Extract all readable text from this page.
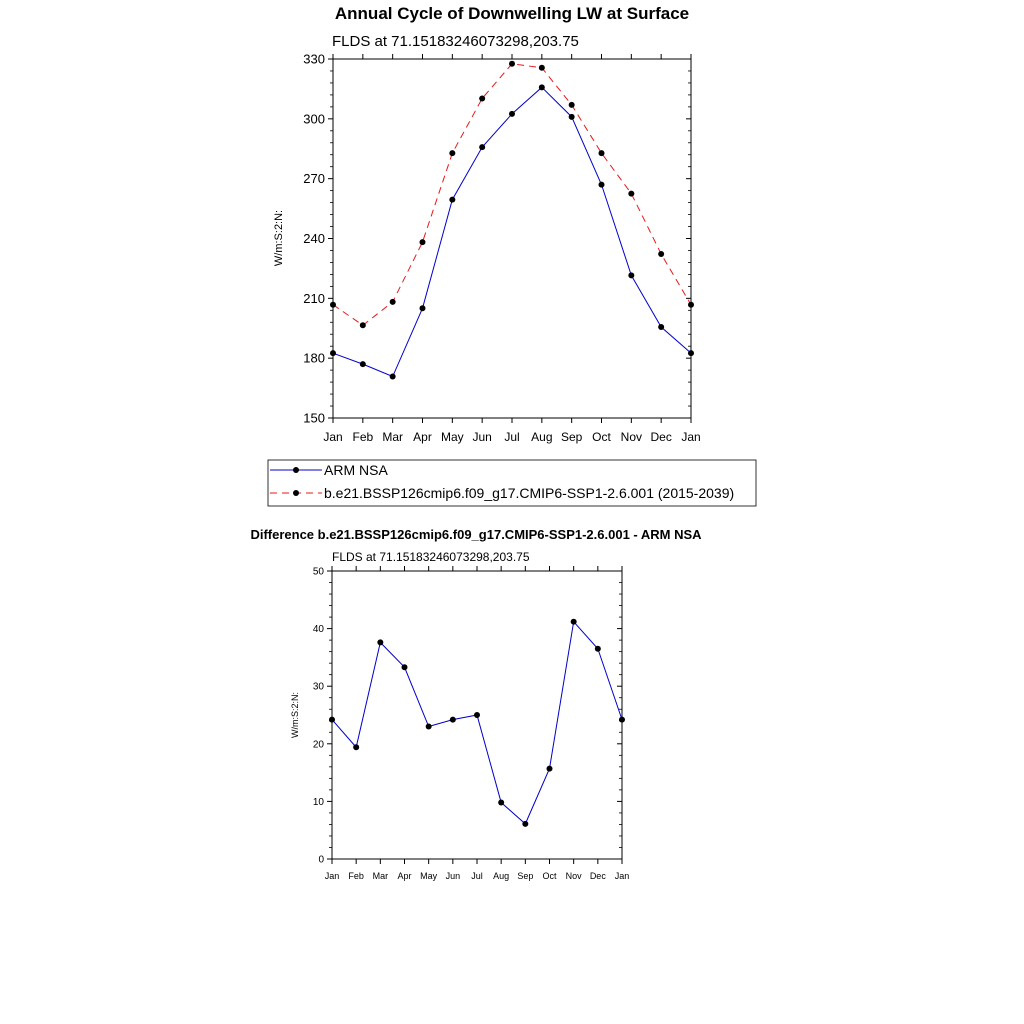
Annual Cycle of Downwelling LW at Surface
FLDS at 71.15183246073298,203.75
W/m:S:2:N:
150
180
210
240
270
300
330
Jan Feb Mar Apr May Jun Jul Aug Sep Oct Nov Dec Jan
ARM NSA
b.e21.BSSP126cmip6.f09_g17.CMIP6-SSP1-2.6.001 (2015-2039)
Difference b.e21.BSSP126cmip6.f09_g17.CMIP6-SSP1-2.6.001 - ARM NSA
FLDS at 71.15183246073298,203.75
W/m:S:2:N:
0
10
20
30
40
50
Jan Feb Mar Apr May Jun Jul Aug Sep Oct Nov Dec Jan
